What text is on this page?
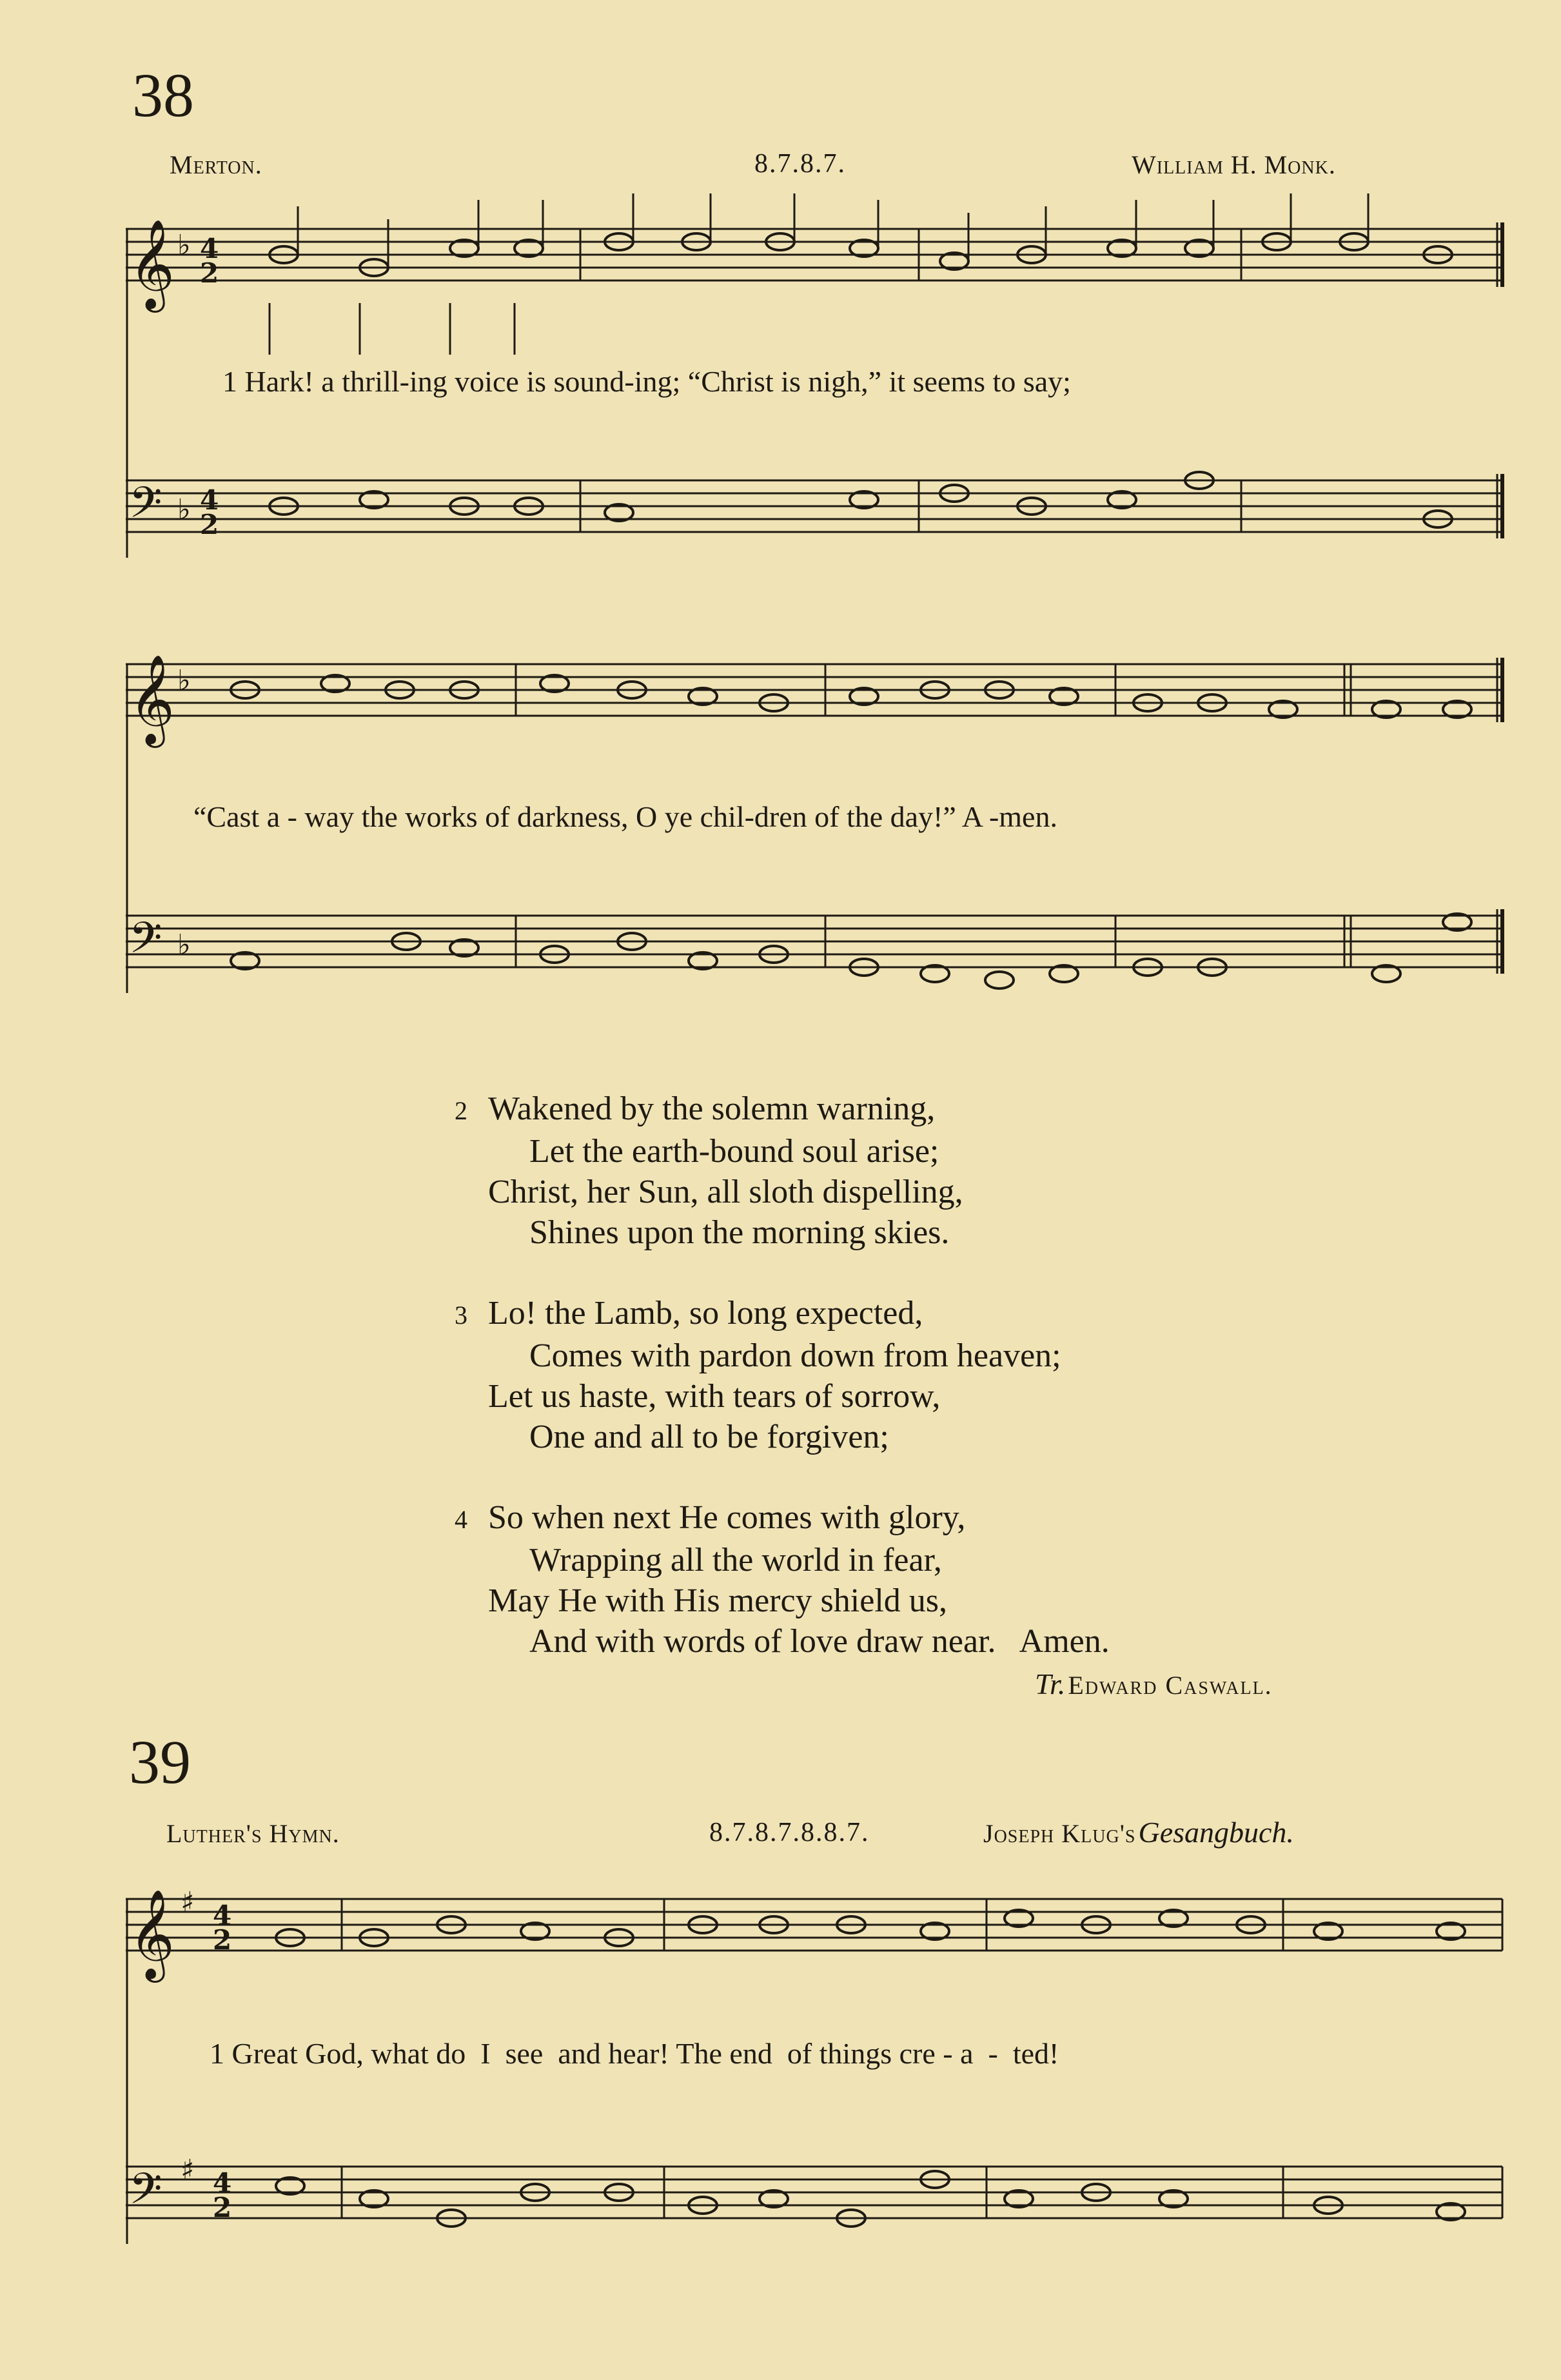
38
Merton.	8.7.8.7.	William H. Monk.
𝄞
𝄢
4
2
4
2
♭
♭
𝄞
𝄢
♭
♭
𝄞
𝄢
♯
♯
4
2
4
2
1 Hark! a thrill-ing voice is sound-ing; “Christ is nigh,” it seems to say;
“Cast a - way the works of darkness, O ye chil-dren of the day!” A -men.
2 Wakened by the solemn warning,
Let the earth-bound soul arise;
Christ, her Sun, all sloth dispelling,
Shines upon the morning skies.
3 Lo! the Lamb, so long expected,
Comes with pardon down from heaven;
Let us haste, with tears of sorrow,
One and all to be forgiven;
4 So when next He comes with glory,
Wrapping all the world in fear,
May He with His mercy shield us,
And with words of love draw near.   Amen.
Tr. Edward Caswall.
39
Luther's Hymn.	8.7.8.7.8.8.7.	Joseph Klug's Gesangbuch.
1 Great God, what do  I  see  and hear! The end  of things cre - a  -  ted!
